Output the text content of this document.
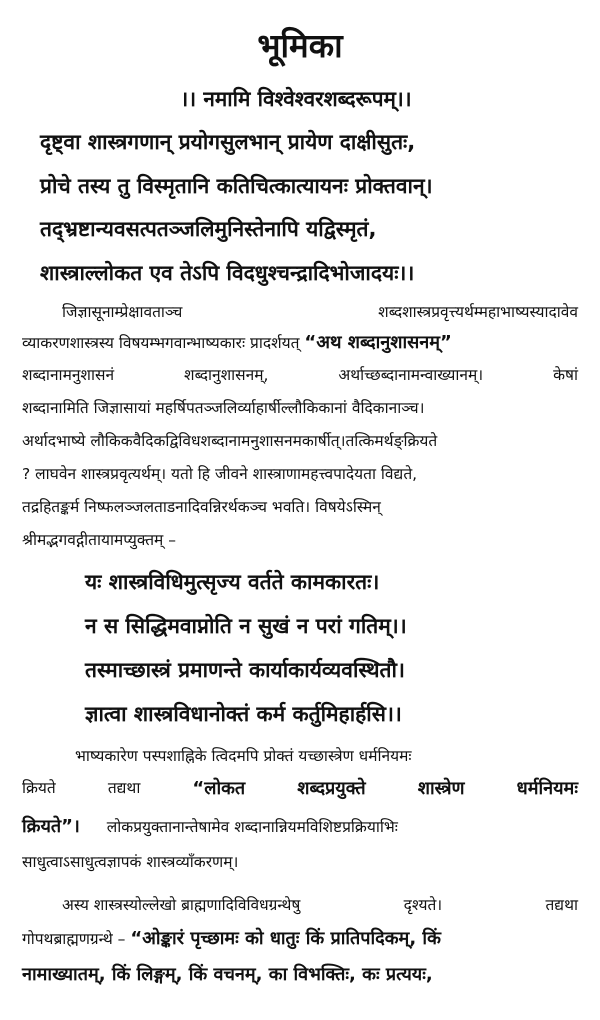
भूमिका
।। नमामि विश्वेश्वरशब्दरूपम्।।
दृष्ट्वा शास्त्रगणान् प्रयोगसुलभान् प्रायेण दाक्षीसुतः,
प्रोचे तस्य तु विस्मृतानि कतिचित्कात्यायनः प्रोक्तवान्।
तद्भ्रष्टान्यवसत्पतञ्जलिमुनिस्तेनापि यद्विस्मृतं,
शास्त्राल्लोकत एव तेऽपि विदधुश्चन्द्रादिभोजादयः।।
जिज्ञासूनाम्प्रेक्षावताञ्च	शब्दशास्त्रप्रवृत्त्यर्थम्महाभाष्यस्यादावेव
व्याकरणशास्त्रस्य विषयम्भगवान्भाष्यकारः प्रादर्शयत् “अथ शब्दानुशासनम्”
शब्दानामनुशासनं	शब्दानुशासनम्,	अर्थाच्छब्दानामन्वाख्यानम्।	केषां
शब्दानामिति जिज्ञासायां महर्षिपतञ्जलिर्व्याहार्षील्लौकिकानां वैदिकानाञ्च।
अर्थादभाष्ये लौकिकवैदिकद्विविधशब्दानामनुशासनमकार्षीत्।तत्किमर्थङ्क्रियते
? लाघवेन शास्त्रप्रवृत्यर्थम्। यतो हि जीवने शास्त्राणामहत्त्वपादेयता विद्यते,
तद्रहितङ्कर्म निष्फलञ्जलताडनादिवन्निरर्थकञ्च भवति। विषयेऽस्मिन्
श्रीमद्भगवद्गीतायामप्युक्तम् –
यः शास्त्रविधिमुत्सृज्य वर्तते कामकारतः।
न स सिद्धिमवाप्नोति न सुखं न परां गतिम्।।
तस्माच्छास्त्रं प्रमाणन्ते कार्याकार्यव्यवस्थितौ।
ज्ञात्वा शास्त्रविधानोक्तं कर्म कर्तुमिहार्हसि।।
भाष्यकारेण पस्पशाह्निके त्विदमपि प्रोक्तं यच्छास्त्रेण धर्मनियमः
क्रियते	तद्यथा	“लोकत	शब्दप्रयुक्ते	शास्त्रेण	धर्मनियमः
क्रियते”। लोकप्रयुक्तानान्तेषामेव शब्दानान्नियमविशिष्टप्रक्रियाभिः
साधुत्वाऽसाधुत्वज्ञापकं शास्त्रव्याँकरणम्।
अस्य शास्त्रस्योल्लेखो ब्राह्मणादिविविधग्रन्थेषु	दृश्यते।	तद्यथा
गोपथब्राह्मणग्रन्थे – “ओङ्कारं पृच्छामः को धातुः किं प्रातिपदिकम्, किं
नामाख्यातम्, किं लिङ्गम्, किं वचनम्, का विभक्तिः, कः प्रत्ययः,
